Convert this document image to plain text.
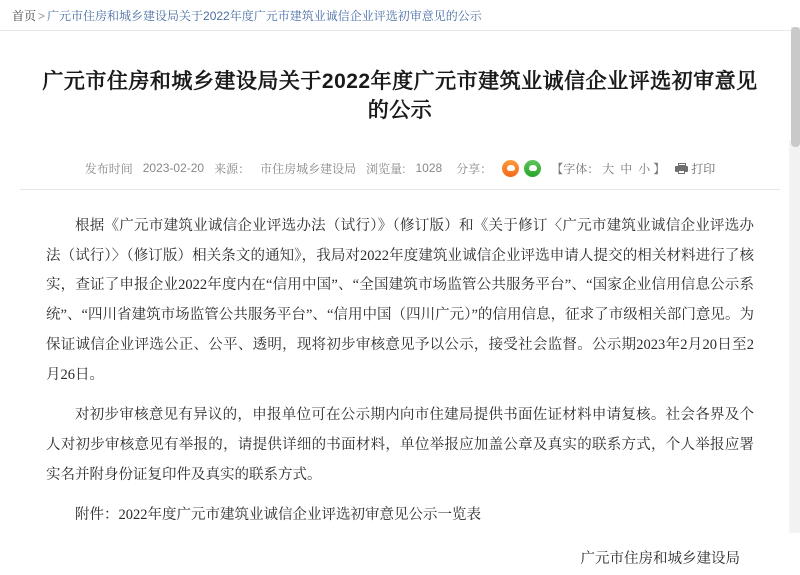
首页 > 广元市住房和城乡建设局关于2022年度广元市建筑业诚信企业评选初审意见的公示
广元市住房和城乡建设局关于2022年度广元市建筑业诚信企业评选初审意见的公示
发布时间 2023-02-20 来源： 市住房城乡建设局 浏览量: 1028 分享：	【字体： 大 中 小 】 打印

根据《广元市建筑业诚信企业评选办法（试行）》（修订版）和《关于修订〈广元市建筑业诚信企业评选办法（试行）〉（修订版）相关条文的通知》，我局对2022年度建筑业诚信企业评选申请人提交的相关材料进行了核实，查证了申报企业2022年度内在“信用中国”、“全国建筑市场监管公共服务平台”、“国家企业信用信息公示系统”、“四川省建筑市场监管公共服务平台”、“信用中国（四川广元）”的信用信息，征求了市级相关部门意见。为保证诚信企业评选公正、公平、透明，现将初步审核意见予以公示，接受社会监督。公示期2023年2月20日至2月26日。

对初步审核意见有异议的，申报单位可在公示期内向市住建局提供书面佐证材料申请复核。社会各界及个人对初步审核意见有举报的，请提供详细的书面材料，单位举报应加盖公章及真实的联系方式，个人举报应署实名并附身份证复印件及真实的联系方式。

附件：2022年度广元市建筑业诚信企业评选初审意见公示一览表

广元市住房和城乡建设局
